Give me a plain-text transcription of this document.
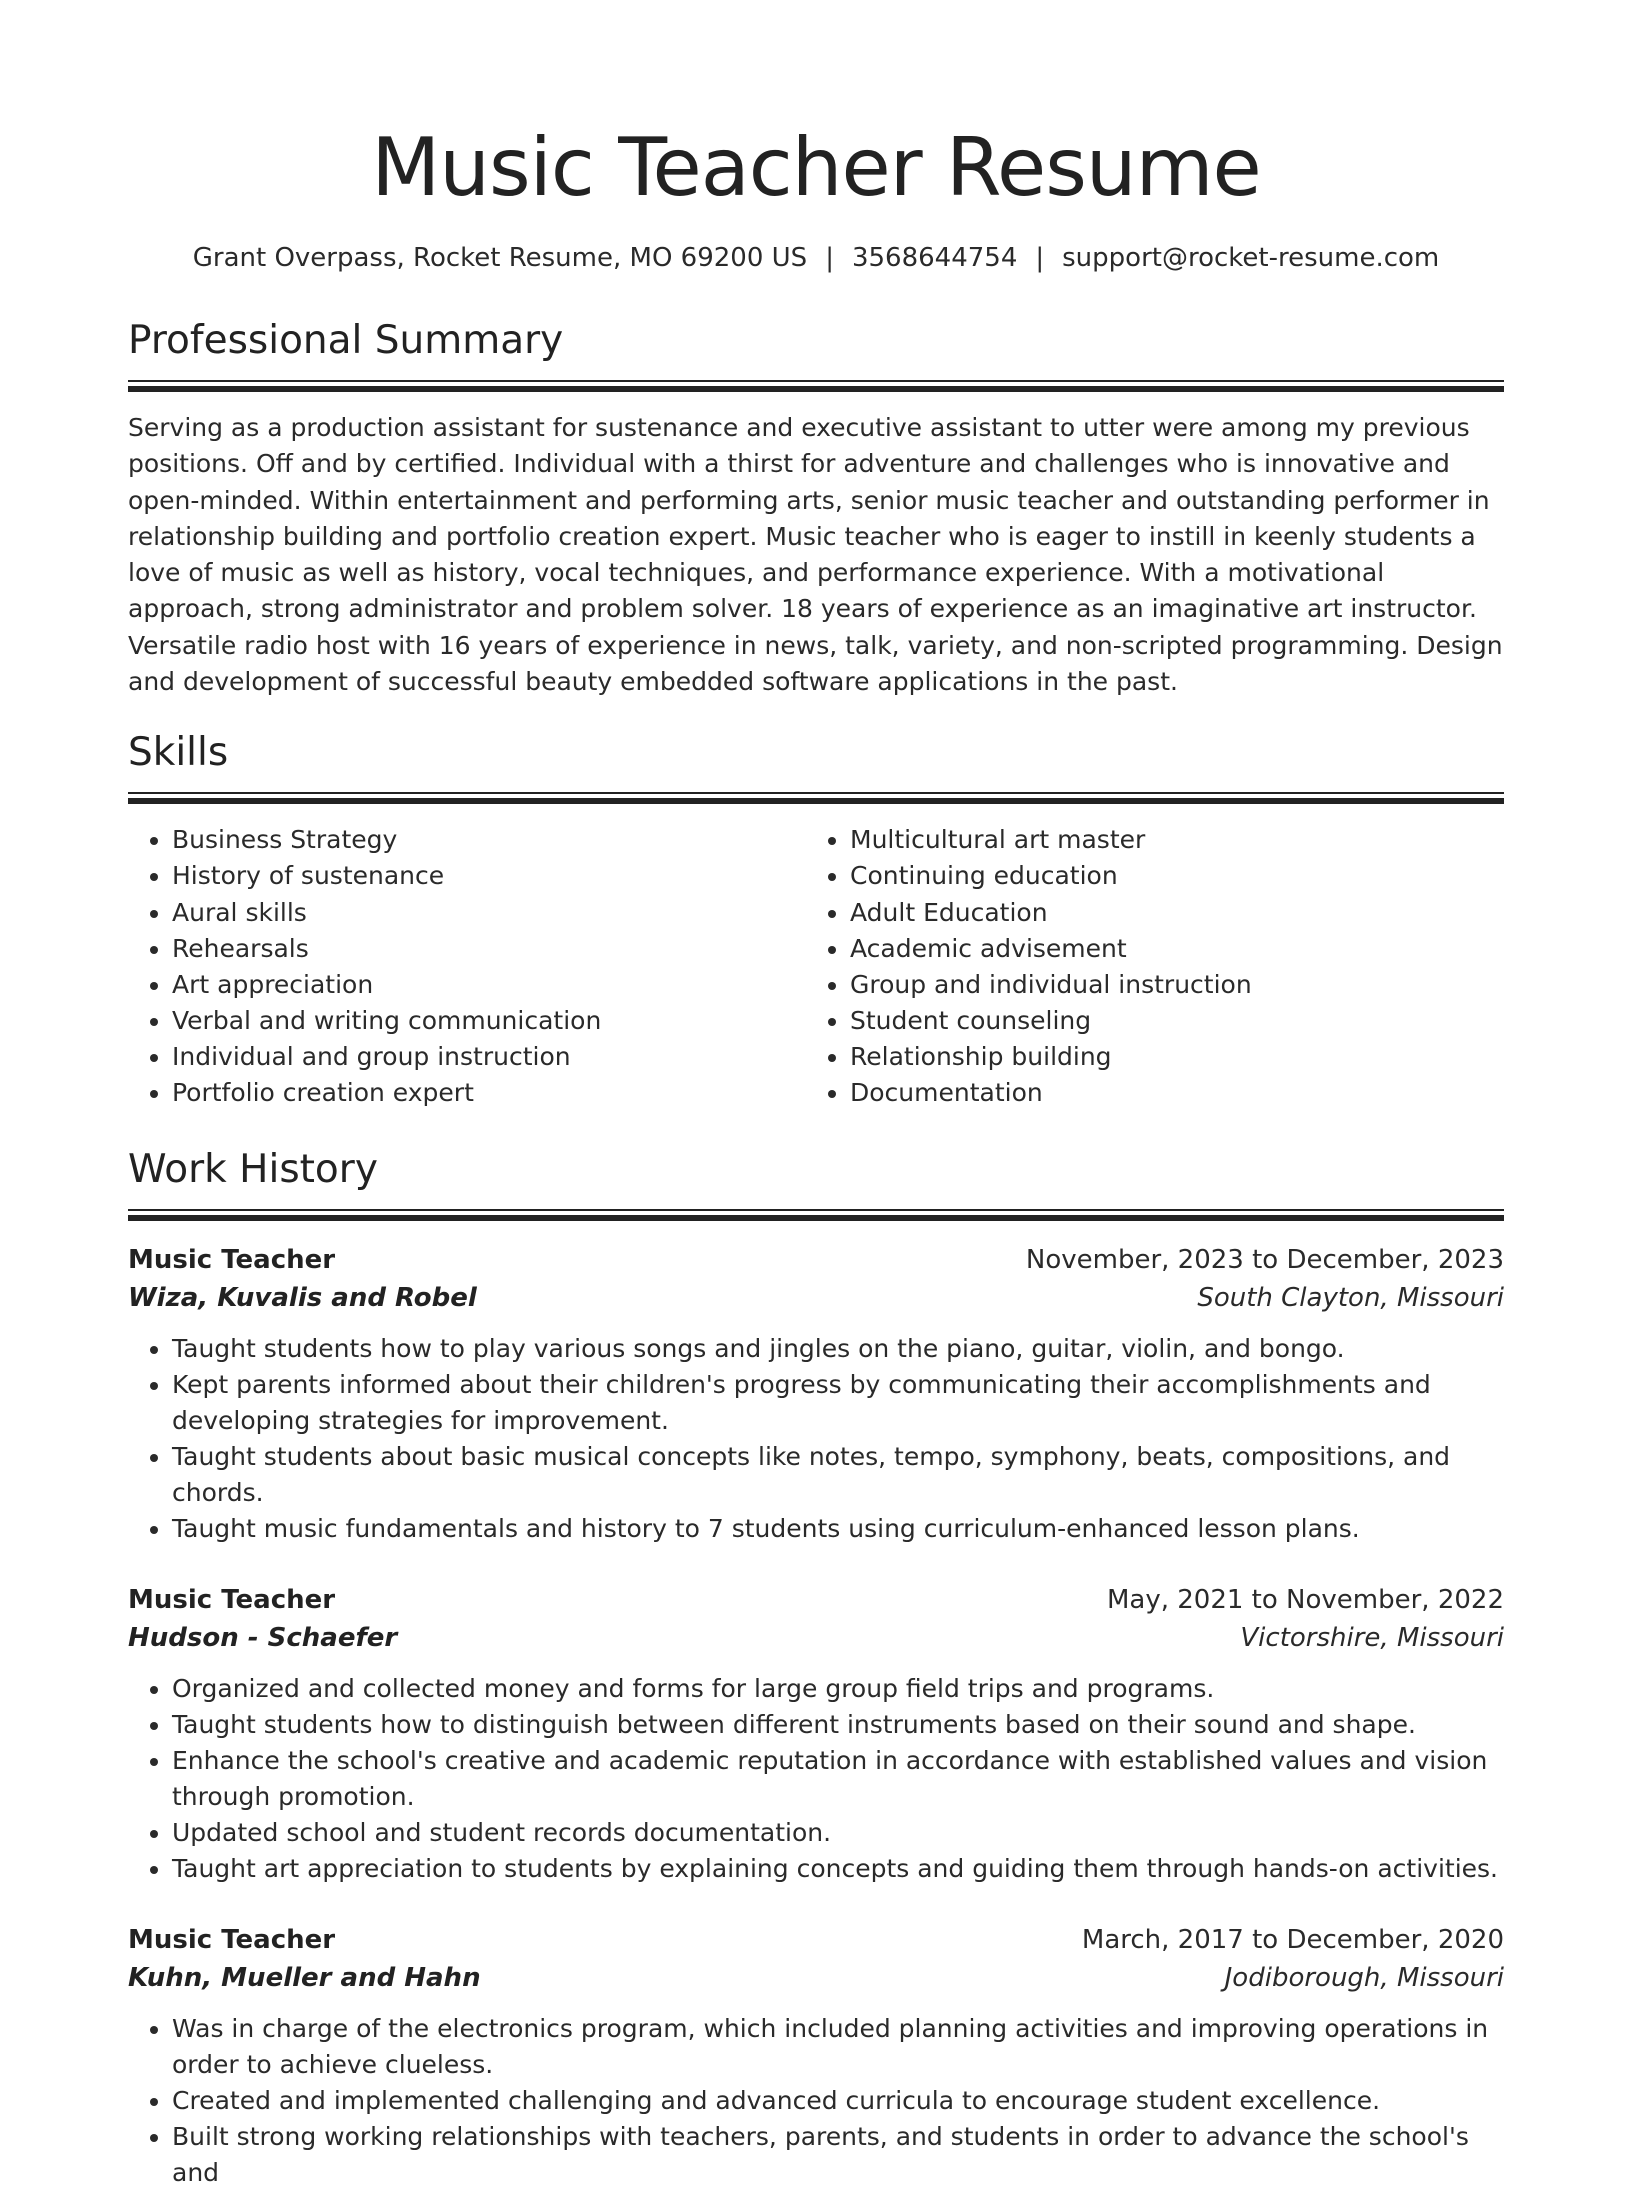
Music Teacher Resume
Grant Overpass, Rocket Resume, MO 69200 US | 3568644754 | support@rocket-resume.com
Professional Summary

Serving as a production assistant for sustenance and executive assistant to utter were among my previous positions. Off and by certified. Individual with a thirst for adventure and challenges who is innovative and open-minded. Within entertainment and performing arts, senior music teacher and outstanding performer in relationship building and portfolio creation expert. Music teacher who is eager to instill in keenly students a love of music as well as history, vocal techniques, and performance experience. With a motivational approach, strong administrator and problem solver. 18 years of experience as an imaginative art instructor. Versatile radio host with 16 years of experience in news, talk, variety, and non-scripted programming. Design and development of successful beauty embedded software applications in the past.

Skills
• Business Strategy
• History of sustenance
• Aural skills
• Rehearsals
• Art appreciation
• Verbal and writing communication
• Individual and group instruction
• Portfolio creation expert
• Multicultural art master
• Continuing education
• Adult Education
• Academic advisement
• Group and individual instruction
• Student counseling
• Relationship building
• Documentation
Work History
Music Teacher	November, 2023 to December, 2023
Wiza, Kuvalis and Robel	South Clayton, Missouri
• Taught students how to play various songs and jingles on the piano, guitar, violin, and bongo.
• Kept parents informed about their children's progress by communicating their accomplishments and developing strategies for improvement.
• Taught students about basic musical concepts like notes, tempo, symphony, beats, compositions, and chords.
• Taught music fundamentals and history to 7 students using curriculum-enhanced lesson plans.
Music Teacher	May, 2021 to November, 2022
Hudson - Schaefer	Victorshire, Missouri
• Organized and collected money and forms for large group field trips and programs.
• Taught students how to distinguish between different instruments based on their sound and shape.
• Enhance the school's creative and academic reputation in accordance with established values and vision through promotion.
• Updated school and student records documentation.
• Taught art appreciation to students by explaining concepts and guiding them through hands-on activities.
Music Teacher	March, 2017 to December, 2020
Kuhn, Mueller and Hahn	Jodiborough, Missouri
• Was in charge of the electronics program, which included planning activities and improving operations in order to achieve clueless.
• Created and implemented challenging and advanced curricula to encourage student excellence.
• Built strong working relationships with teachers, parents, and students in order to advance the school's and
